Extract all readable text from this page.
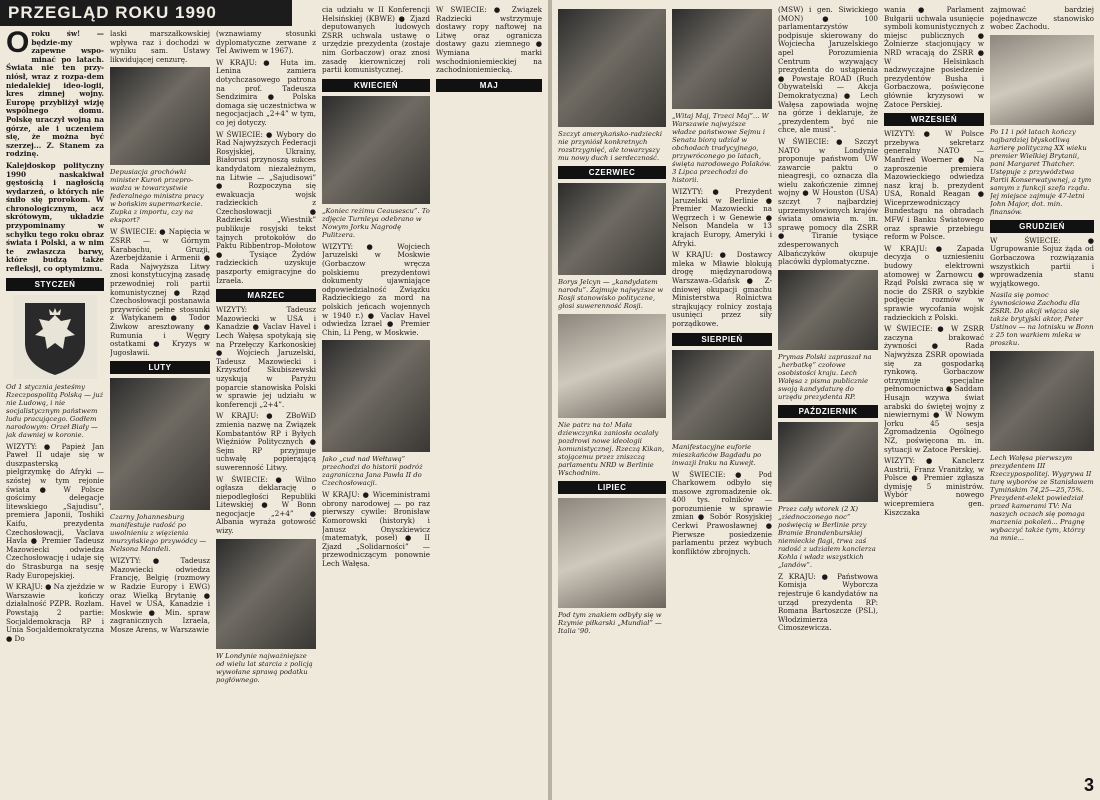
PRZEGLĄD ROKU 1990

Oroku św! — będzie-my zapewne wspo-minać po latach. Świata nie ten przy-niósł, wraz z rozpa-dem niedalekiej ideo-logii, kres zimnej wojny. Europę przybliżył wizję wspólnego domu. Polskę uraczył wojną na górze, ale i uczeniem się, że można być szerzej... Z. Stanem za rodzinę.

Kalejdoskop polityczny 1990 naskakiwał gęstością i nagłością wydarzeń, o których nie śniło się prorokom. W chronologicznym, acz skrótowym, układzie przypominamy w schyłku tego roku obraz świata i Polski, a w nim te zwłaszcza barwy, które budzą także refleksji, co optymizmu.

STYCZEŃ
Od 1 stycznia jesteśmy Rzeczpospolitą Polską — już nie Ludową, i nie socjalistycznym państwem ludu pracującego. Godłem narodowym: Orzeł Biały — jak dawniej w koronie.

WIZYTY: ● Papież Jan Paweł II udaje się w duszpasterską pielgrzymkę do Afryki — szóstej w tym rejonie świata ● W Polsce gościmy delegacje litewskiego „Sajudisu”, premiera Japonii, Toshiki Kaifu, prezydenta Czechosłowacji, Vaclava Havla ● Premier Tadeusz Mazowiecki odwiedza Czechosłowację i udaje się do Strasburga na sesję Rady Europejskiej.

W KRAJU: ● Na zjeździe w Warszawie kończy działalność PZPR. Rozłam. Powstają 2 partie: Socjaldemokracja RP i Unia Socjaldemokratyczna ● Do

laski marszałkowskiej wpływa raz i dochodzi w wyniku sam. Ustawy likwidującej cenzurę.

Depusiacja grochówki minister Kuroń przeprowadza w towarzystwie federalnego ministra pracy w bońskim supermarkecie. Zupka z importu, czy na eksport?

W ŚWIECIE: ● Napięcia w ZSRR — w Górnym Karabachu, Gruzji, Azerbejdżanie i Armenii ● Rada Najwyższa Litwy znosi konstytucyjną zasadę przewodniej roli partii komunistycznej ● Rząd Czechosłowacji postanawia przywrócić pełne stosunki z Watykanem ● Todor Żiwkow aresztowany ● Rumunia i Węgry ostatkami ● Kryzys w Jugosławii.

LUTY
Czarny Johannesburg manifestuje radość po uwolnieniu z więzienia murzyńskiego przywódcy — Nelsona Mandeli.

WIZYTY: ● Tadeusz Mazowiecki odwiedza Francję, Belgię (rozmowy w Radzie Europy i EWG) oraz Wielką Brytanię ● Havel w USA, Kanadzie i Moskwie ● Min. spraw zagranicznych Izraela, Mosze Arens, w Warszawie

(wznawiamy stosunki dyplomatyczne zerwane z Tel Awiwem w 1967).

W KRAJU: ● Huta im. Lenina zamiera dotychczasowego patrona na prof. Tadeusza Sendzimira ● Polska domaga się uczestnictwa w negocjacjach „2+4” w tym, co jej dotyczy.

W ŚWIECIE: ● Wybory do Rad Najwyższych Federacji Rosyjskiej, Ukrainy, Białorusi przynoszą sukces kandydatom niezależnym, na Litwie — „Sajudisowi” ● Rozpoczyna się ewakuacja wojsk radzieckich z Czechosłowacji ● Radziecki „Wiestnik” publikuje rosyjski tekst tajnych protokołów do Paktu Ribbentrop–Mołotow ● Tysiące Żydów radzieckich uzyskuje paszporty emigracyjne do Izraela.

MARZEC

WIZYTY: Tadeusz Mazowiecki w USA i Kanadzie ● Vaclav Havel i Lech Wałęsa spotykają się na Przełęczy Karkonoskiej ● Wojciech Jaruzelski, Tadeusz Mazowiecki i Krzysztof Skubiszewski uzyskują w Paryżu poparcie stanowiska Polski w sprawie jej udziału w konferencji „2+4”.

W KRAJU: ● ZBoWiD zmienia nazwę na Związek Kombatantów RP i Byłych Więźniów Politycznych ● Sejm RP przyjmuje uchwałę popierającą suwerenność Litwy.

W ŚWIECIE: ● Wilno ogłasza deklarację o niepodległości Republiki Litewskiej ● W Bonn negocjacje „2+4” ● Albania wyraża gotowość wizy.

W Londynie najważniejsze od wielu lat starcia z policją wywołane sprawą podatku pogłównego.

cia udziału w II Konferencji Helsińskiej (KBWE) ● Zjazd deputowanych ludowych ZSRR uchwala ustawę o urzędzie prezydenta (zostaje nim Gorbaczow) oraz znosi zasadę kierowniczej roli partii komunistycznej.

KWIECIEŃ
„Koniec reżimu Ceausescu”. To zdjęcie Turnleya odebrano w Nowym Jorku Nagrodę Pulitzera.

WIZYTY: ● Wojciech Jaruzelski w Moskwie (Gorbaczow wręcza polskiemu prezydentowi dokumenty ujawniające odpowiedzialność Związku Radzieckiego za mord na polskich jeńcach wojennych w 1940 r.) ● Vaclav Havel odwiedza Izrael ● Premier Chin, Li Peng, w Moskwie.

Jako „cud nad Wełtawą” przechodzi do historii podróż zagraniczna Jana Pawła II do Czechosłowacji.

W KRAJU: ● Wiceministrami obrony narodowej — po raz pierwszy cywile: Bronisław Komorowski (historyk) i Janusz Onyszkiewicz (matematyk, poseł) ● II Zjazd „Solidarności” — przewodniczącym ponownie Lech Wałęsa.

W ŚWIECIE: ● Związek Radziecki wstrzymuje dostawy ropy naftowej na Litwę oraz ogranicza dostawy gazu ziemnego ● Wymiana marki wschodnioniemieckiej na zachodnioniemiecką.

MAJ
Szczyt amerykańsko-radziecki nie przyniósł konkretnych rozstrzygnięć, ale towarzyszy mu nowy duch i serdeczność.
CZERWIEC
Borys Jelcyn — „kandydatem narodu”. Zajmuje najwyższe w Rosji stanowisko polityczne, głosi suwerenność Rosji.
Nie patrz na to! Mała dziewczynka zaniosła ocalały pozdrowi nowe ideologii komunistycznej. Rzeczą Kikan, stojącemu przez zniszczą parlamentu NRD w Berlinie Wschodnim.
LIPIEC
Pod tym znakiem odbyły się w Rzymie piłkarski „Mundial” — Italia '90.
„Witaj Maj, Trzeci Maj”... W Warszawie najwyższe władze państwowe Sejmu i Senatu biorą udział w obchodach tradycyjnego, przywróconego po latach, święta narodowego Polaków. 3 Lipca przechodzi do historii.

WIZYTY: ● Prezydent Jaruzelski w Berlinie ● Premier Mazowiecki na Węgrzech i w Genewie ● Nelson Mandela w 13 krajach Europy, Ameryki i Afryki.

W KRAJU: ● Dostawcy mleka w Mławie blokują drogę międzynarodową Warszawa–Gdańsk ● Z-dniowej okupacji gmachu Ministerstwa Rolnictwa strajkujący rolnicy zostają usunięci przez siły porządkowe.

SIERPIEŃ
Manifestacyjne euforie mieszkańców Bagdadu po inwazji Iraku na Kuwejt.

W ŚWIECIE: ● Pod Charkowem odbyło się masowe zgromadzenie ok. 400 tys. rolników — porozumienie w sprawie zmian ● Sobór Rosyjskiej Cerkwi Prawosławnej ● Pierwsze posiedzenie parlamentu przez wybuch konfliktów zbrojnych.

(MSW) i gen. Siwickiego (MON) ● 100 parlamentarzystów podpisuje skierowany do Wojciecha Jaruzelskiego apel Porozumienia Centrum wzywający prezydenta do ustąpienia ● Powstaje ROAD (Ruch Obywatelski — Akcja Demokratyczna) ● Lech Wałęsa zapowiada wojnę na górze i deklaruje, że „prezydentem być nie chce, ale musi”.

W ŚWIECIE: ● Szczyt NATO w Londynie proponuje państwom UW zawarcie paktu o nieagresji, co oznacza dla wielu zakończenie zimnej wojny ● W Houston (USA) szczyt 7 najbardziej uprzemysłowionych krajów świata omawia m. in. sprawę pomocy dla ZSRR ● Tiranie tysiące zdesperowanych Albańczyków okupuje placówki dyplomatyczne.

Prymas Polski zapraszał na „herbatkę” czołowe osobistości kraju. Lech Wałęsa z pisma publicznie swoją kandydaturę do urzędu prezydenta RP.
PAŹDZIERNIK
Przez cały wtorek (2 X) „ziednoczonego noc” poświęcią w Berlinie przy Bramie Brandenburskiej niemieckie flagi, trwa zaś radość z udziałem kanclerza Kohla i władz wszystkich „landów”.

Z KRAJU: ● Państwowa Komisja Wyborcza rejestruje 6 kandydatów na urząd prezydenta RP: Romana Bartoszcze (PSL), Włodzimierza Cimoszewicza.

wania ● Parlament Bułgarii uchwala usunięcie symboli komunistycznych z miejsc publicznych ● Żołnierze stacjonujący w NRD wracają do ZSRR ● W Helsinkach nadzwyczajne posiedzenie prezydentów Busha i Gorbaczowa, poświęcone głównie kryzysowi w Zatoce Perskiej.

WRZESIEŃ

WIZYTY: ● W Polsce przebywa sekretarz generalny NATO — Manfred Woerner ● Na zaproszenie premiera Mazowieckiego odwiedza nasz kraj b. prezydent USA, Ronald Reagan ● Wiceprzewodniczący Bundestagu na obradach MFW i Banku Światowego oraz sprawie przebiegu reform w Polsce.

W KRAJU: ● Zapada decyzja o uzniesieniu budowy elektrowni atomowej w Żarnowcu ● Rząd Polski zwraca się w nocie do ZSRR o szybkie podjęcie rozmów w sprawie wycofania wojsk radzieckich z Polski.

W ŚWIECIE: ● W ZSRR zaczyna brakować żywności ● Rada Najwyższa ZSRR opowiada się za gospodarką rynkową. Gorbaczow otrzymuje specjalne pełnomocnictwa ● Saddam Husajn wzywa świat arabski do świętej wojny z niewiernymi ● W Nowym Jorku 45 sesja Zgromadzenia Ogólnego NZ, poświęcona m. in. sytuacji w Zatoce Perskiej.

WIZYTY: ● Kanclerz Austrii, Franz Vranitzky, w Polsce ● Premier zgłasza dymisję 5 ministrów. Wybór nowego wicepremiera gen. Kiszczaka

zajmować bardziej pojednawcze stanowisko wobec Zachodu.

Po 11 i pół latach kończy najbardziej błyskotliwą karierę polityczną XX wieku premier Wielkiej Brytanii, pani Margaret Thatcher. Ustępuje z przywództwa Partii Konserwatywnej, a tym samym z funkcji szefa rządu. Jej miejsce zajmuje 47-letni John Major, dot. min. finansów.
GRUDZIEŃ

W ŚWIECIE: ● Ugrupowanie Sojuz żąda od Gorbaczowa rozwiązania wszystkich partii i wprowadzenia stanu wyjątkowego.

Nasila się pomoc żywnościowa Zachodu dla ZSRR. Do akcji włącza się także brytyjski aktor, Peter Ustinov — na lotnisku w Bonn z 25 ton warkiem mleka w proszku.
Lech Wałęsa pierwszym prezydentem III Rzeczypospolitej. Wygrywa II turę wyborów ze Stanisławem Tymińskim 74,25—25,75%. Prezydent-elekt powiedział przed kamerami TV: Na naszych oczach się pomaga marzenia pokoleń... Pragnę wybaczyć także tym, którzy na mnie...
3
